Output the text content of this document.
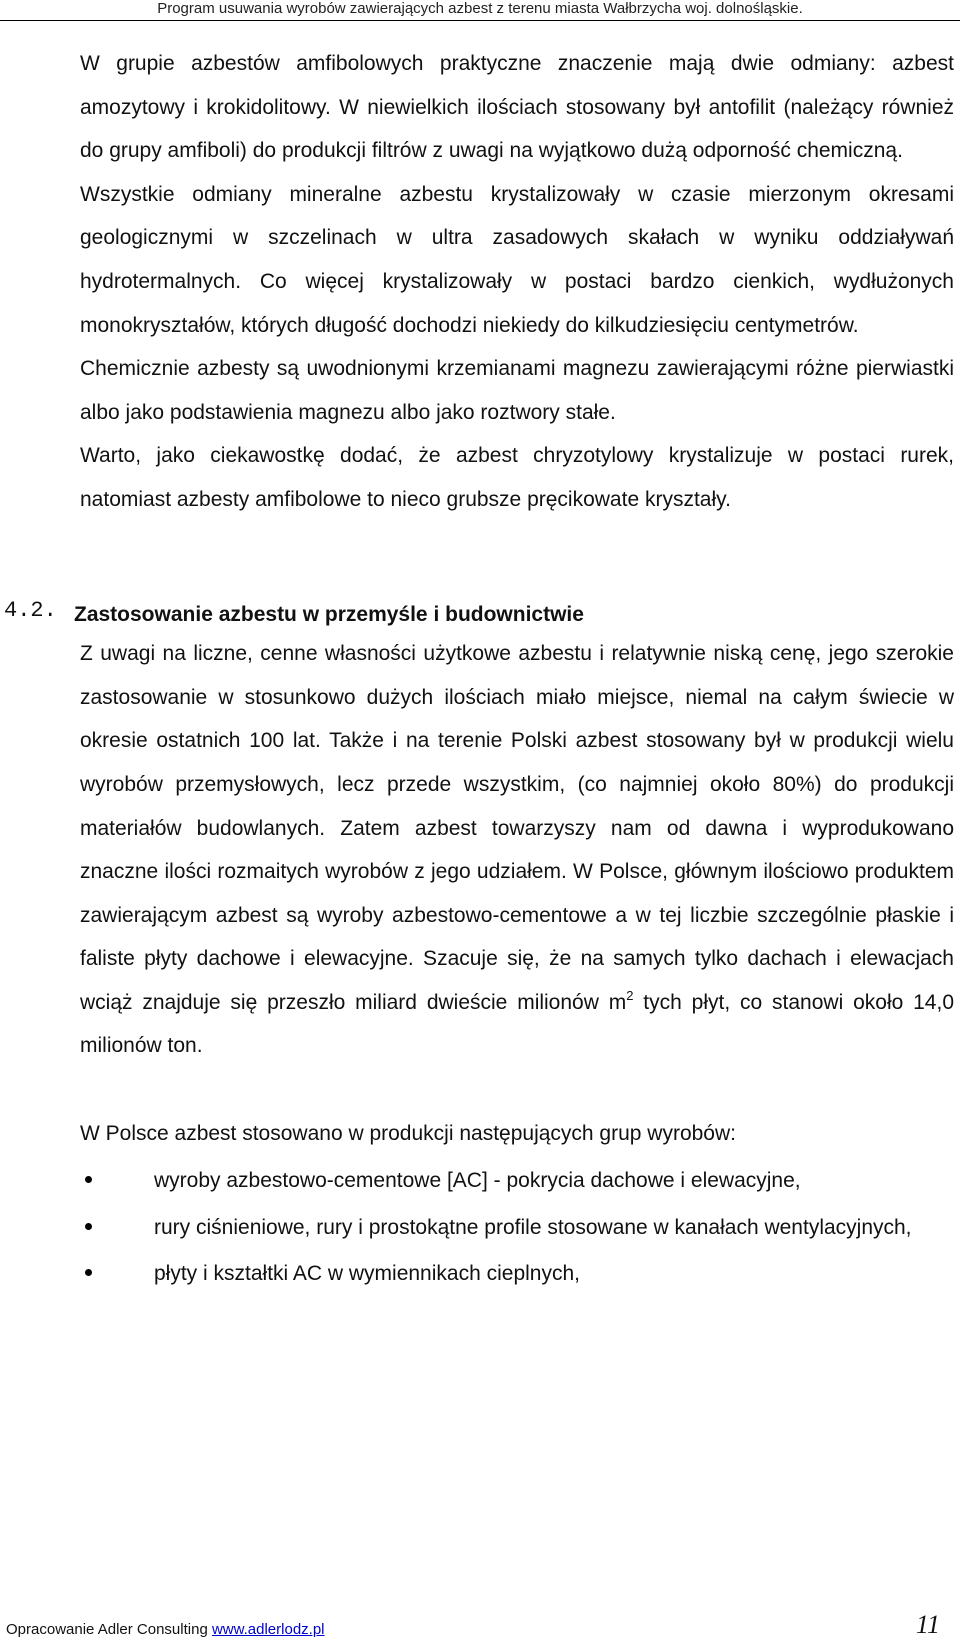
Program usuwania wyrobów zawierających azbest z terenu miasta Wałbrzycha woj. dolnośląskie.

W grupie azbestów amfibolowych praktyczne znaczenie mają dwie odmiany: azbest amozytowy i krokidolitowy. W niewielkich ilościach stosowany był antofilit (należący również do grupy amfiboli) do produkcji filtrów z uwagi na wyjątkowo dużą odporność chemiczną.

Wszystkie odmiany mineralne azbestu krystalizowały w czasie mierzonym okresami geologicznymi w szczelinach w ultra zasadowych skałach w wyniku oddziaływań hydrotermalnych. Co więcej krystalizowały w postaci bardzo cienkich, wydłużonych monokryształów, których długość dochodzi niekiedy do kilkudziesięciu centymetrów.

Chemicznie azbesty są uwodnionymi krzemianami magnezu zawierającymi różne pierwiastki albo jako podstawienia magnezu albo jako roztwory stałe.

Warto, jako ciekawostkę dodać, że azbest chryzotylowy krystalizuje w postaci rurek, natomiast azbesty amfibolowe to nieco grubsze pręcikowate kryształy.

4.2. Zastosowanie azbestu w przemyśle i budownictwie

Z uwagi na liczne, cenne własności użytkowe azbestu i relatywnie niską cenę, jego szerokie zastosowanie w stosunkowo dużych ilościach miało miejsce, niemal na całym świecie w okresie ostatnich 100 lat. Także i na terenie Polski azbest stosowany był w produkcji wielu wyrobów przemysłowych, lecz przede wszystkim, (co najmniej około 80%) do produkcji materiałów budowlanych. Zatem azbest towarzyszy nam od dawna i wyprodukowano znaczne ilości rozmaitych wyrobów z jego udziałem. W Polsce, głównym ilościowo produktem zawierającym azbest są wyroby azbestowo-cementowe a w tej liczbie szczególnie płaskie i faliste płyty dachowe i elewacyjne. Szacuje się, że na samych tylko dachach i elewacjach wciąż znajduje się przeszło miliard dwieście milionów $m^2$ tych płyt, co stanowi około 14,0 milionów ton.

W Polsce azbest stosowano w produkcji następujących grup wyrobów:

wyroby azbestowo-cementowe [AC] - pokrycia dachowe i elewacyjne,
rury ciśnieniowe, rury i prostokątne profile stosowane w kanałach wentylacyjnych,
płyty i kształtki AC w wymiennikach cieplnych,
Opracowanie Adler Consulting www.adlerlodz.pl	11
